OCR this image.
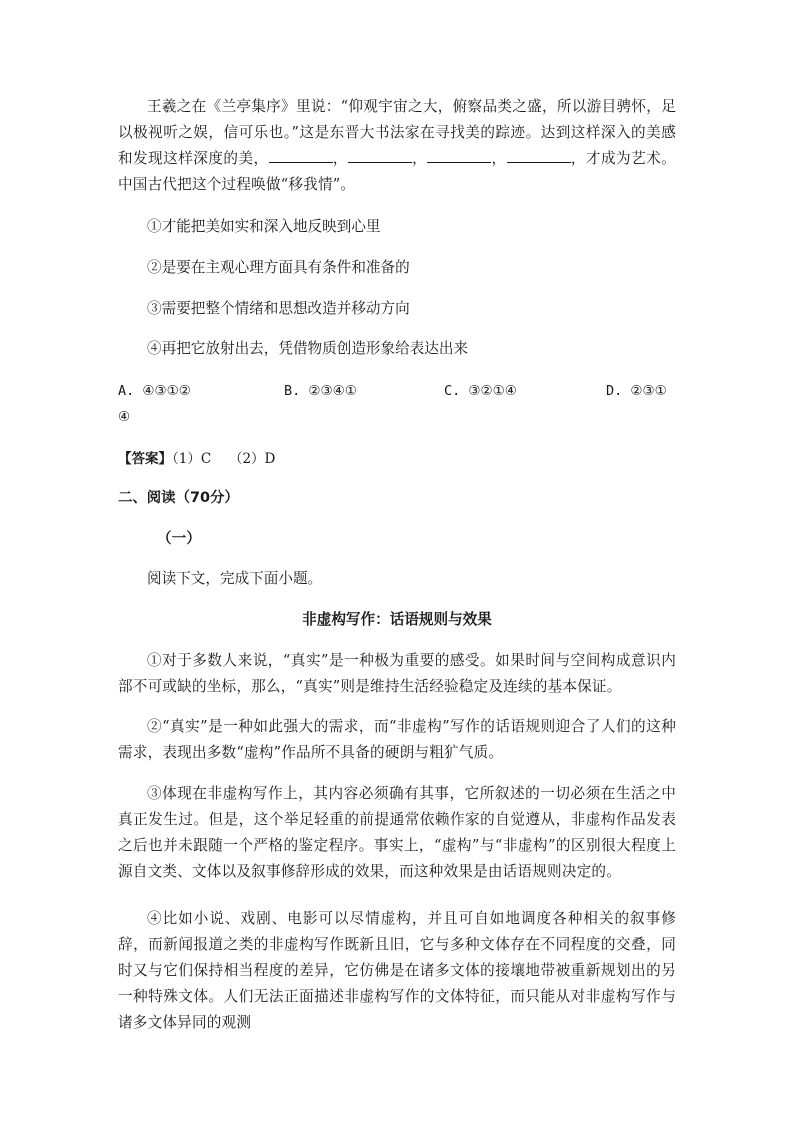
王羲之在《兰亭集序》里说：“仰观宇宙之大，俯察品类之盛，所以游目骋怀，足以极视听之娱，信可乐也。”这是东晋大书法家在寻找美的踪迹。达到这样深入的美感和发现这样深度的美，	，	，	，	，才成为艺术。中国古代把这个过程唤做“移我情”。

①才能把美如实和深入地反映到心里

②是要在主观心理方面具有条件和准备的

③需要把整个情绪和思想改造并移动方向

④再把它放射出去，凭借物质创造形象给表达出来

A. ④③①②	B. ②③④①	C. ③②①④	D. ②③①

④

【答案】（1）C　 （2）D

二、阅读（70分）

（一）

阅读下文，完成下面小题。

非虚构写作：话语规则与效果

①对于多数人来说，“真实”是一种极为重要的感受。如果时间与空间构成意识内部不可或缺的坐标，那么，“真实”则是维持生活经验稳定及连续的基本保证。

②“真实”是一种如此强大的需求，而“非虚构”写作的话语规则迎合了人们的这种需求，表现出多数“虚构”作品所不具备的硬朗与粗犷气质。

③体现在非虚构写作上，其内容必须确有其事，它所叙述的一切必须在生活之中真正发生过。但是，这个举足轻重的前提通常依赖作家的自觉遵从，非虚构作品发表之后也并未跟随一个严格的鉴定程序。事实上，“虚构”与“非虚构”的区别很大程度上源自文类、文体以及叙事修辞形成的效果，而这种效果是由话语规则决定的。

④比如小说、戏剧、电影可以尽情虚构，并且可自如地调度各种相关的叙事修辞，而新闻报道之类的非虚构写作既新且旧，它与多种文体存在不同程度的交叠，同时又与它们保持相当程度的差异，它仿佛是在诸多文体的接壤地带被重新规划出的另一种特殊文体。人们无法正面描述非虚构写作的文体特征，而只能从对非虚构写作与诸多文体异同的观测
